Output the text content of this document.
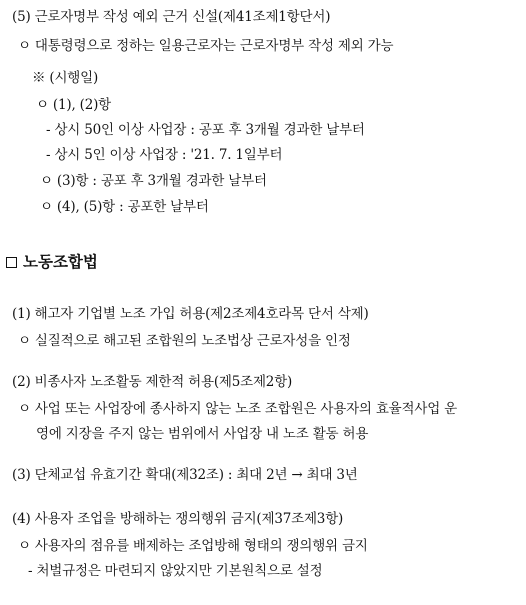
(5) 근로자명부 작성 예외 근거 신설(제41조제1항단서)
ㅇ 대통령령으로 정하는 일용근로자는 근로자명부 작성 제외 가능
※ (시행일)
ㅇ (1), (2)항
- 상시 50인 이상 사업장 : 공포 후 3개월 경과한 날부터
- 상시 5인 이상 사업장 : '21. 7. 1일부터
ㅇ (3)항 : 공포 후 3개월 경과한 날부터
ㅇ (4), (5)항 : 공포한 날부터
노동조합법
(1) 해고자 기업별 노조 가입 허용(제2조제4호라목 단서 삭제)
ㅇ 실질적으로 해고된 조합원의 노조법상 근로자성을 인정
(2) 비종사자 노조활동 제한적 허용(제5조제2항)
ㅇ 사업 또는 사업장에 종사하지 않는 노조 조합원은 사용자의 효율적사업 운
영에 지장을 주지 않는 범위에서 사업장 내 노조 활동 허용
(3) 단체교섭 유효기간 확대(제32조) : 최대 2년 → 최대 3년
(4) 사용자 조업을 방해하는 쟁의행위 금지(제37조제3항)
ㅇ 사용자의 점유를 배제하는 조업방해 형태의 쟁의행위 금지
- 처벌규정은 마련되지 않았지만 기본원칙으로 설정
